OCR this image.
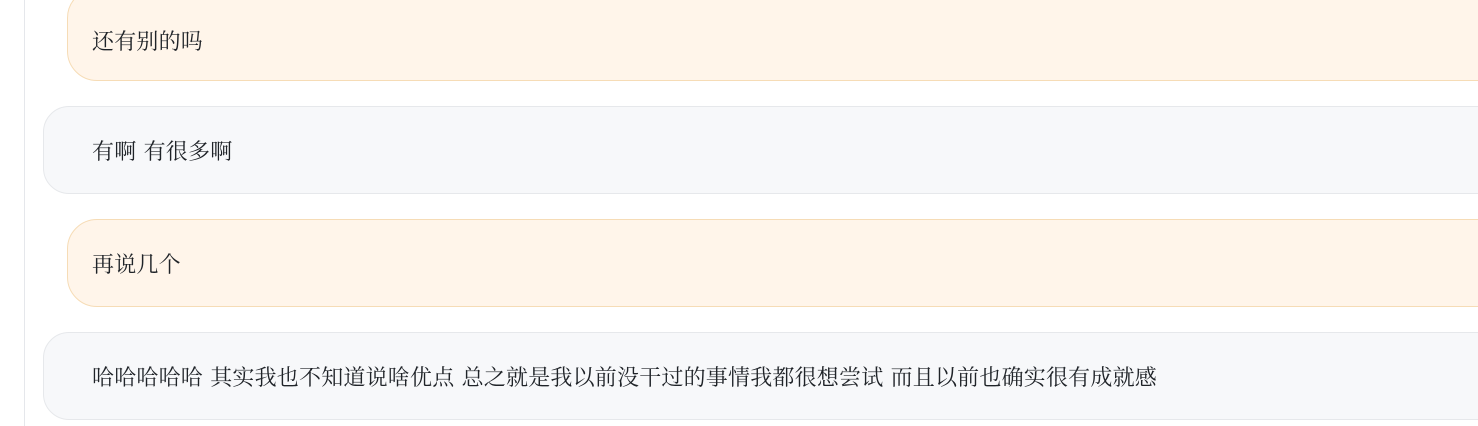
还有别的吗
有啊 有很多啊
再说几个
哈哈哈哈哈 其实我也不知道说啥优点 总之就是我以前没干过的事情我都很想尝试 而且以前也确实很有成就感
